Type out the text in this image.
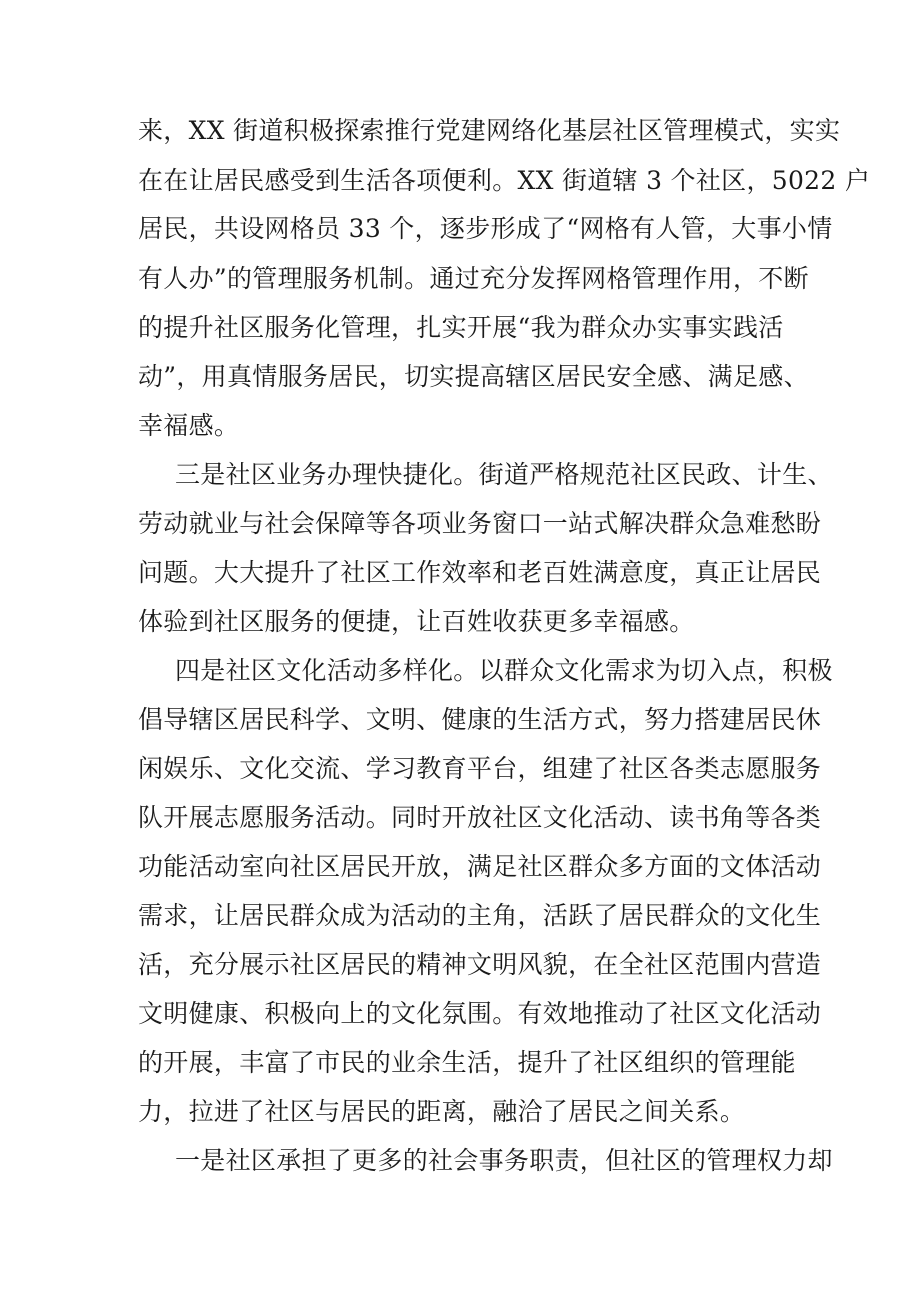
来，XX 街道积极探索推行党建网络化基层社区管理模式，实实
在在让居民感受到生活各项便利。XX 街道辖 3 个社区，5022 户
居民，共设网格员 33 个，逐步形成了“网格有人管，大事小情
有人办”的管理服务机制。通过充分发挥网格管理作用，不断
的提升社区服务化管理，扎实开展“我为群众办实事实践活
动”，用真情服务居民，切实提高辖区居民安全感、满足感、
幸福感。
三是社区业务办理快捷化。街道严格规范社区民政、计生、
劳动就业与社会保障等各项业务窗口一站式解决群众急难愁盼
问题。大大提升了社区工作效率和老百姓满意度，真正让居民
体验到社区服务的便捷，让百姓收获更多幸福感。
四是社区文化活动多样化。以群众文化需求为切入点，积极
倡导辖区居民科学、文明、健康的生活方式，努力搭建居民休
闲娱乐、文化交流、学习教育平台，组建了社区各类志愿服务
队开展志愿服务活动。同时开放社区文化活动、读书角等各类
功能活动室向社区居民开放，满足社区群众多方面的文体活动
需求，让居民群众成为活动的主角，活跃了居民群众的文化生
活，充分展示社区居民的精神文明风貌，在全社区范围内营造
文明健康、积极向上的文化氛围。有效地推动了社区文化活动
的开展，丰富了市民的业余生活，提升了社区组织的管理能
力，拉进了社区与居民的距离，融洽了居民之间关系。
一是社区承担了更多的社会事务职责，但社区的管理权力却
